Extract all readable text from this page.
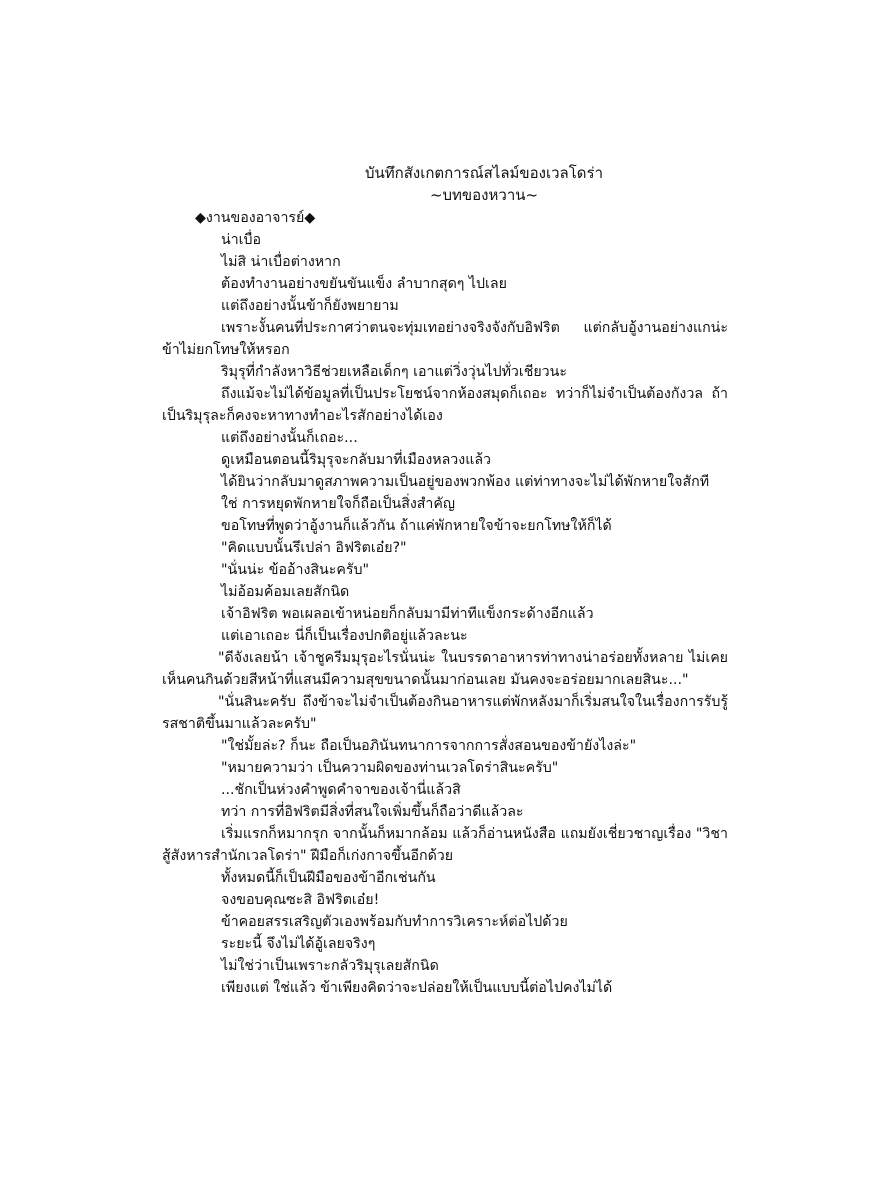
บันทึกสังเกตการณ์สไลม์ของเวลโดร่า
~บทของหวาน~

◆งานของอาจารย์◆

น่าเบื่อ

ไม่สิ น่าเบื่อต่างหาก

ต้องทำงานอย่างขยันขันแข็ง ลำบากสุดๆ ไปเลย

แต่ถึงอย่างนั้นข้าก็ยังพยายาม

เพราะงั้นคนที่ประกาศว่าตนจะทุ่มเทอย่างจริงจังกับอิฟริต แต่กลับอู้งานอย่างแกน่ะ ข้าไม่ยกโทษให้หรอก

ริมุรุที่กำลังหาวิธีช่วยเหลือเด็กๆ เอาแต่วิ่งวุ่นไปทั่วเชียวนะ

ถึงแม้จะไม่ได้ข้อมูลที่เป็นประโยชน์จากห้องสมุดก็เถอะ ทว่าก็ไม่จำเป็นต้องกังวล ถ้าเป็นริมุรุละก็คงจะหาทางทำอะไรสักอย่างได้เอง

แต่ถึงอย่างนั้นก็เถอะ...

ดูเหมือนตอนนี้ริมุรุจะกลับมาที่เมืองหลวงแล้ว

ได้ยินว่ากลับมาดูสภาพความเป็นอยู่ของพวกพ้อง แต่ท่าทางจะไม่ได้พักหายใจสักที

ใช่ การหยุดพักหายใจก็ถือเป็นสิ่งสำคัญ

ขอโทษที่พูดว่าอู้งานก็แล้วกัน ถ้าแค่พักหายใจข้าจะยกโทษให้ก็ได้

"คิดแบบนั้นรึเปล่า อิฟริตเอ๋ย?"

"นั่นน่ะ ข้ออ้างสินะครับ"

ไม่อ้อมค้อมเลยสักนิด

เจ้าอิฟริต พอเผลอเข้าหน่อยก็กลับมามีท่าทีแข็งกระด้างอีกแล้ว

แต่เอาเถอะ นี่ก็เป็นเรื่องปกติอยู่แล้วละนะ

"ดีจังเลยน้า เจ้าชูครีมมุรุอะไรนั่นน่ะ ในบรรดาอาหารท่าทางน่าอร่อยทั้งหลาย ไม่เคยเห็นคนกินด้วยสีหน้าที่แสนมีความสุขขนาดนั้นมาก่อนเลย มันคงจะอร่อยมากเลยสินะ..."

"นั่นสินะครับ ถึงข้าจะไม่จำเป็นต้องกินอาหารแต่พักหลังมาก็เริ่มสนใจในเรื่องการรับรู้รสชาติขึ้นมาแล้วละครับ"

"ใช่มั้ยล่ะ? ก็นะ ถือเป็นอภินันทนาการจากการสั่งสอนของข้ายังไงล่ะ"

"หมายความว่า เป็นความผิดของท่านเวลโดร่าสินะครับ"

...ชักเป็นห่วงคำพูดคำจาของเจ้านี่แล้วสิ

ทว่า การที่อิฟริตมีสิ่งที่สนใจเพิ่มขึ้นก็ถือว่าดีแล้วละ

เริ่มแรกก็หมากรุก จากนั้นก็หมากล้อม แล้วก็อ่านหนังสือ แถมยังเชี่ยวชาญเรื่อง "วิชาสู้สังหารสำนักเวลโดร่า" ฝีมือก็เก่งกาจขึ้นอีกด้วย

ทั้งหมดนี้ก็เป็นฝีมือของข้าอีกเช่นกัน

จงขอบคุณซะสิ อิฟริตเอ๋ย!

ข้าคอยสรรเสริญตัวเองพร้อมกับทำการวิเคราะห์ต่อไปด้วย

ระยะนี้ จึงไม่ได้อู้เลยจริงๆ

ไม่ใช่ว่าเป็นเพราะกลัวริมุรุเลยสักนิด

เพียงแต่ ใช่แล้ว ข้าเพียงคิดว่าจะปล่อยให้เป็นแบบนี้ต่อไปคงไม่ได้
